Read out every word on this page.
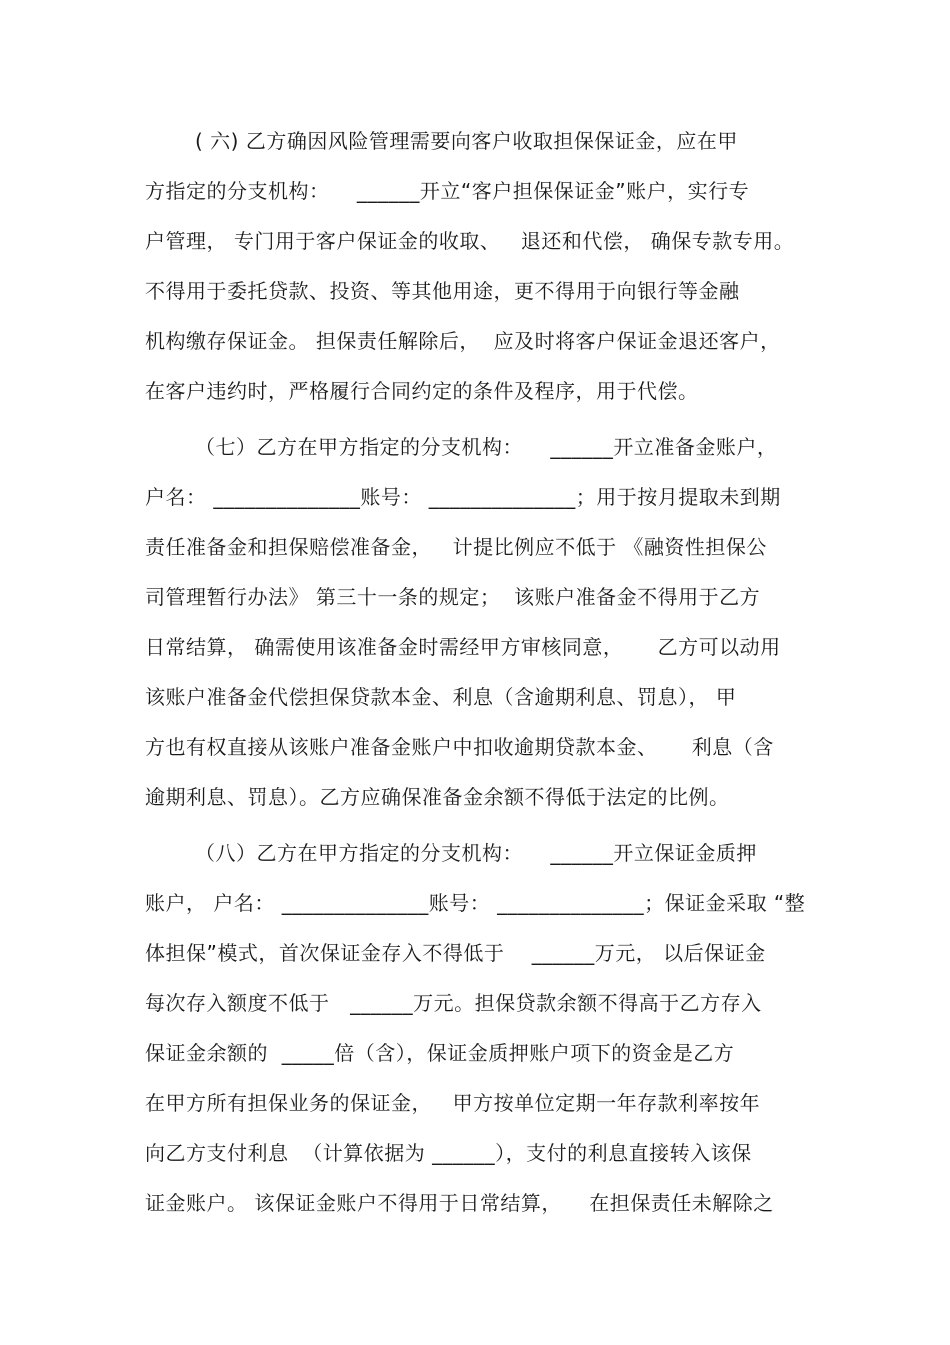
( 六) 乙方确因风险管理需要向客户收取担保保证金，应在甲
方指定的分支机构：    ______开立“客户担保保证金”账户，实行专
户管理， 专门用于客户保证金的收取、   退还和代偿， 确保专款专用。
不得用于委托贷款、投资、等其他用途，更不得用于向银行等金融
机构缴存保证金。 担保责任解除后，  应及时将客户保证金退还客户，
在客户违约时，严格履行合同约定的条件及程序，用于代偿。
（七）乙方在甲方指定的分支机构：    ______开立准备金账户，
户名： ______________账号： ______________；用于按月提取未到期
责任准备金和担保赔偿准备金，   计提比例应不低于 《融资性担保公
司管理暂行办法》 第三十一条的规定；  该账户准备金不得用于乙方
日常结算， 确需使用该准备金时需经甲方审核同意，     乙方可以动用
该账户准备金代偿担保贷款本金、利息（含逾期利息、罚息）， 甲
方也有权直接从该账户准备金账户中扣收逾期贷款本金、     利息（含
逾期利息、罚息）。乙方应确保准备金余额不得低于法定的比例。
（八）乙方在甲方指定的分支机构：    ______开立保证金质押
账户， 户名： ______________账号： ______________；保证金采取 “整
体担保”模式，首次保证金存入不得低于    ______万元， 以后保证金
每次存入额度不低于   ______万元。担保贷款余额不得高于乙方存入
保证金余额的  _____倍（含），保证金质押账户项下的资金是乙方
在甲方所有担保业务的保证金，   甲方按单位定期一年存款利率按年
向乙方支付利息  （计算依据为 ______），支付的利息直接转入该保
证金账户。 该保证金账户不得用于日常结算，    在担保责任未解除之
